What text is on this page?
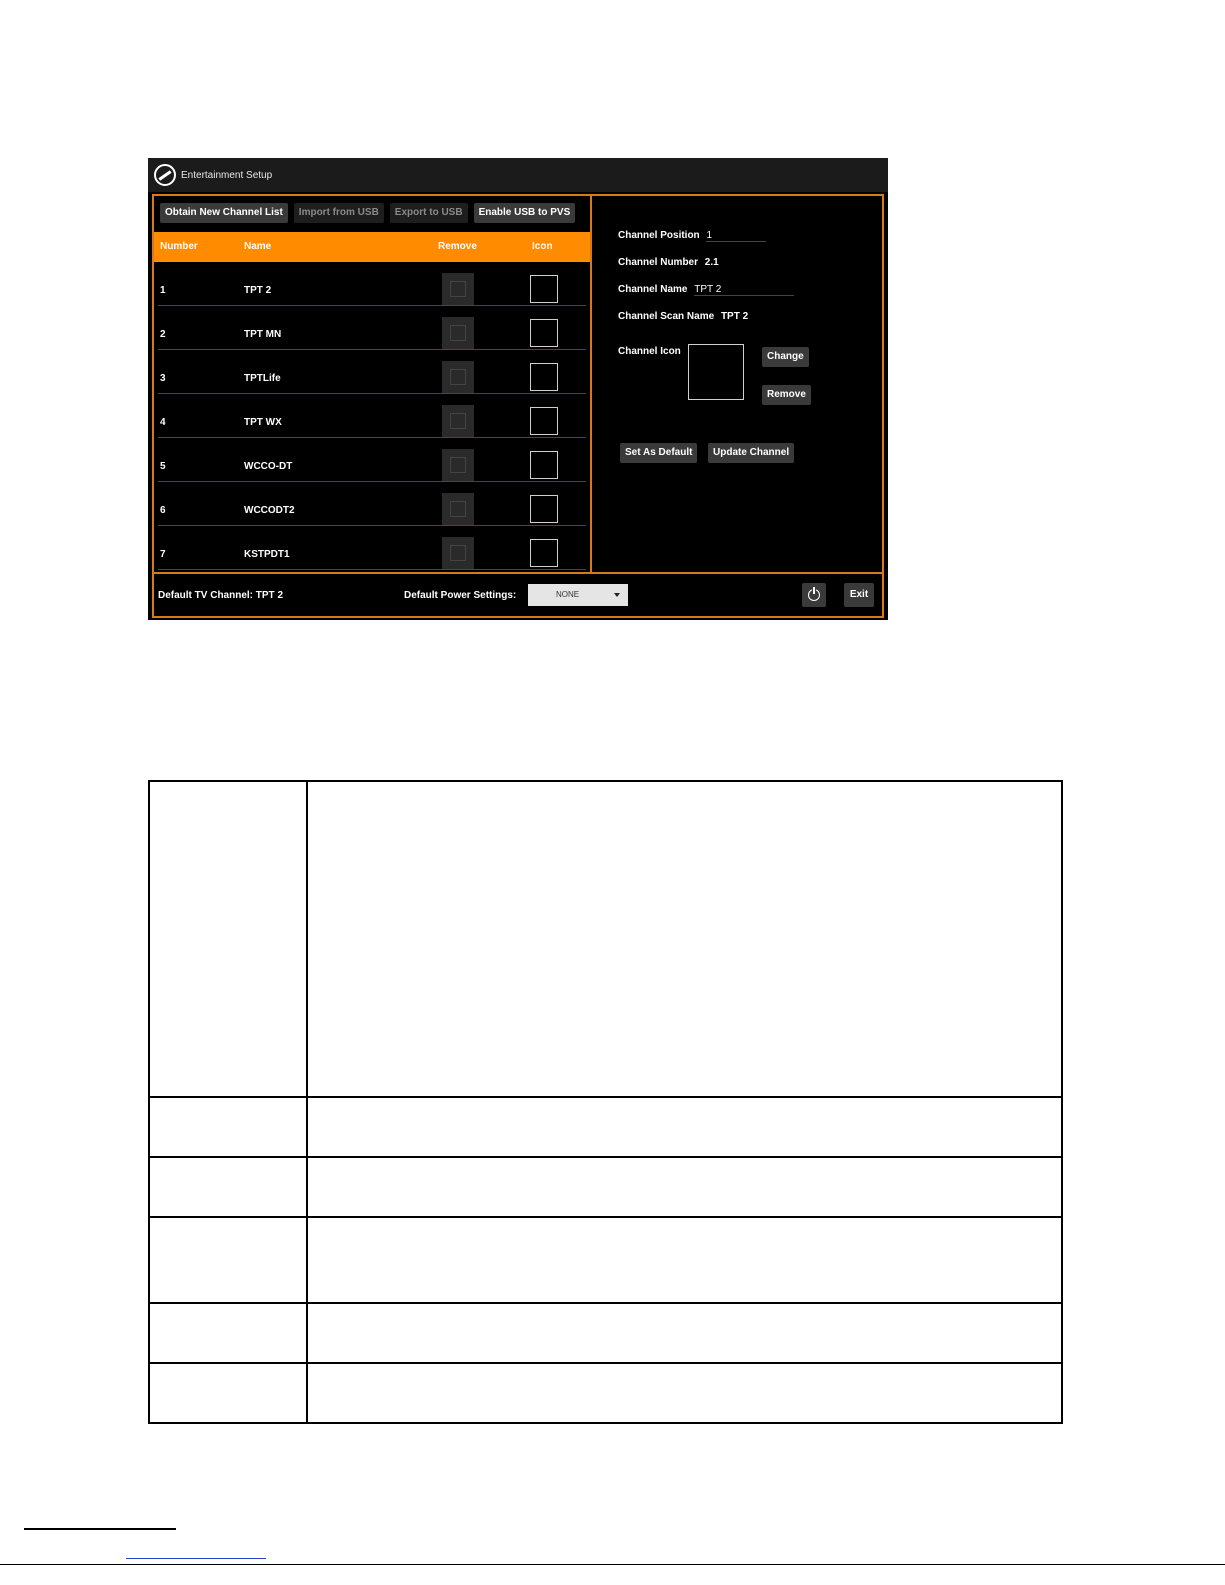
Entertainment Setup
Obtain New Channel List	Import from USB	Export to USB	Enable USB to PVS
Number	Name	Remove	Icon
1	TPT 2
2	TPT MN
3	TPTLife
4	TPT WX
5	WCCO-DT
6	WCCODT2
7	KSTPDT1
Channel Position 1
Channel Number 2.1
Channel Name TPT 2
Channel Scan Name TPT 2
Channel Icon	Change
Remove
Set As Default	Update Channel
Default TV Channel: TPT 2	Default Power Settings:	NONE	Exit
